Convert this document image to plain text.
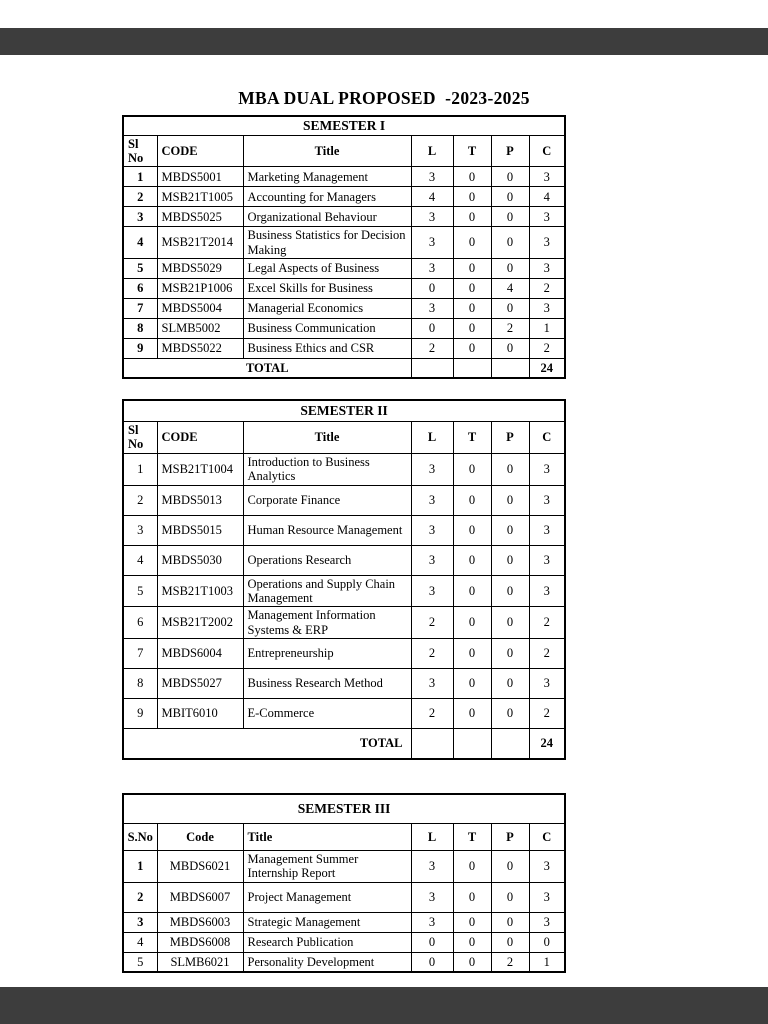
MBA DUAL PROPOSED  -2023-2025
SEMESTER I						
Sl No	CODE	Title	L	T	P	C
1	MBDS5001	Marketing Management	3	0	0	3
2	MSB21T1005	Accounting for Managers	4	0	0	4
3	MBDS5025	Organizational Behaviour	3	0	0	3
4	MSB21T2014	Business Statistics for Decision Making	3	0	0	3
5	MBDS5029	Legal Aspects of Business	3	0	0	3
6	MSB21P1006	Excel Skills for Business	0	0	4	2
7	MBDS5004	Managerial Economics	3	0	0	3
8	SLMB5002	Business Communication	0	0	2	1
9	MBDS5022	Business Ethics and CSR	2	0	0	2
TOTAL						24
SEMESTER II						
Sl No	CODE	Title	L	T	P	C
1	MSB21T1004	Introduction to Business Analytics	3	0	0	3
2	MBDS5013	Corporate Finance	3	0	0	3
3	MBDS5015	Human Resource Management	3	0	0	3
4	MBDS5030	Operations Research	3	0	0	3
5	MSB21T1003	Operations and Supply Chain Management	3	0	0	3
6	MSB21T2002	Management Information Systems & ERP	2	0	0	2
7	MBDS6004	Entrepreneurship	2	0	0	2
8	MBDS5027	Business Research Method	3	0	0	3
9	MBIT6010	E-Commerce	2	0	0	2
TOTAL						24
SEMESTER III						
S.No	Code	Title	L	T	P	C
1	MBDS6021	Management Summer Internship Report	3	0	0	3
2	MBDS6007	Project Management	3	0	0	3
3	MBDS6003	Strategic Management	3	0	0	3
4	MBDS6008	Research Publication	0	0	0	0
5	SLMB6021	Personality Development	0	0	2	1
